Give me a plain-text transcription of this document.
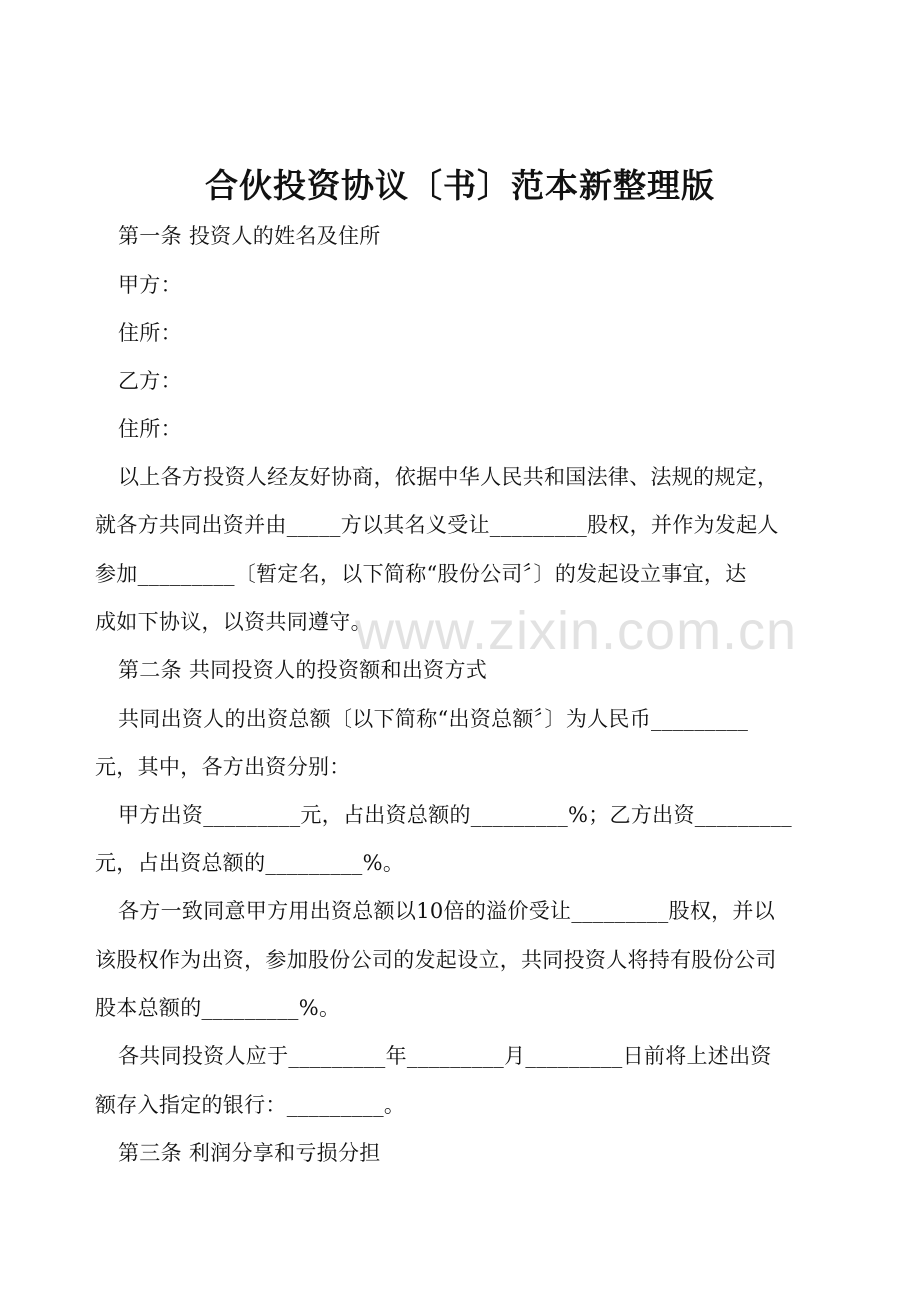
合伙投资协议〔书〕范本新整理版
第一条 投资人的姓名及住所
甲方：
住所：
乙方：
住所：
以上各方投资人经友好协商，依据中华人民共和国法律、法规的规定，
就各方共同出资并由_____方以其名义受让_________股权，并作为发起人
参加_________〔暂定名，以下简称“股份公司〞〕的发起设立事宜，达
成如下协议，以资共同遵守。
第二条 共同投资人的投资额和出资方式
共同出资人的出资总额〔以下简称“出资总额〞〕为人民币_________
元，其中，各方出资分别：
甲方出资_________元，占出资总额的_________%；乙方出资_________
元，占出资总额的_________%。
各方一致同意甲方用出资总额以10倍的溢价受让_________股权，并以
该股权作为出资，参加股份公司的发起设立，共同投资人将持有股份公司
股本总额的_________%。
各共同投资人应于_________年_________月_________日前将上述出资
额存入指定的银行：_________。
第三条 利润分享和亏损分担
www.zixin.com.cn
